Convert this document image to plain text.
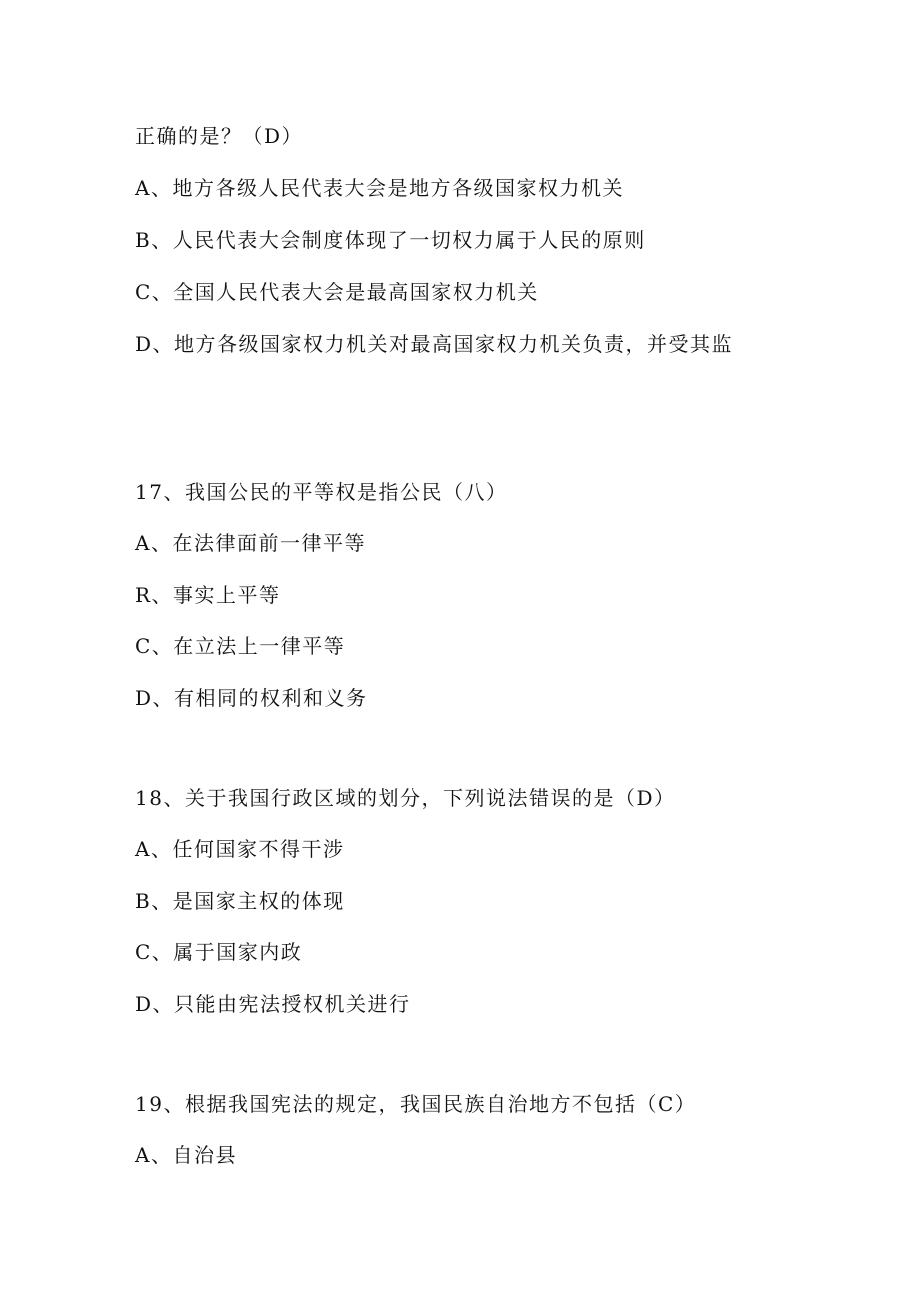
正确的是？（D）
A、地方各级人民代表大会是地方各级国家权力机关
B、人民代表大会制度体现了一切权力属于人民的原则
C、全国人民代表大会是最高国家权力机关
D、地方各级国家权力机关对最高国家权力机关负责，并受其监
17、我国公民的平等权是指公民（八）
A、在法律面前一律平等
R、事实上平等
C、在立法上一律平等
D、有相同的权利和义务
18、关于我国行政区域的划分，下列说法错误的是（D）
A、任何国家不得干涉
B、是国家主权的体现
C、属于国家内政
D、只能由宪法授权机关进行
19、根据我国宪法的规定，我国民族自治地方不包括（C）
A、自治县
